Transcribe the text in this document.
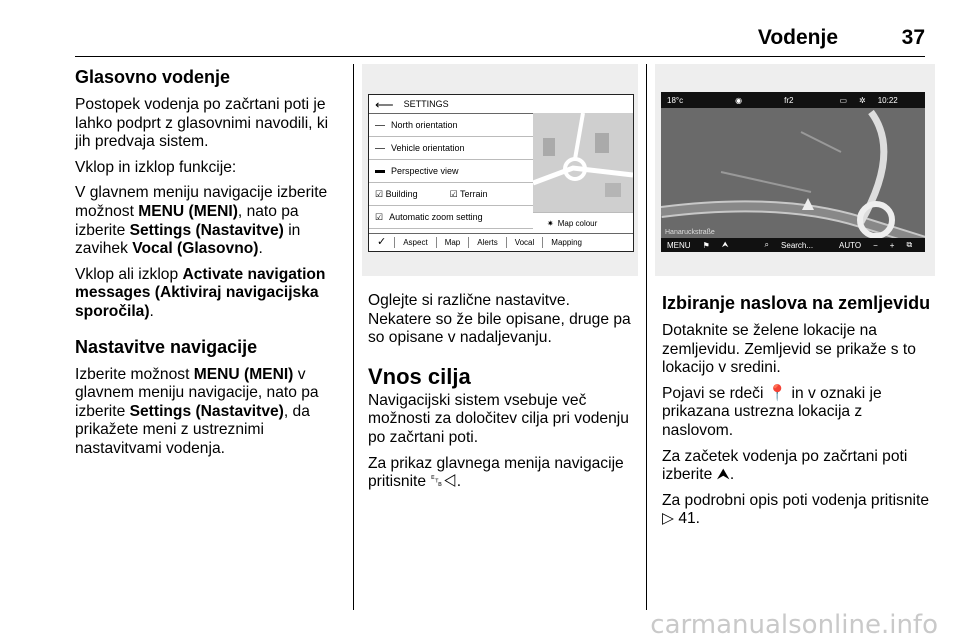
Vodenje	37
Glasovno vodenje

Postopek vodenja po začrtani poti je lahko podprt z glasovnimi navodili, ki jih predvaja sistem.

Vklop in izklop funkcije:

V glavnem meniju navigacije izberite možnost MENU (MENI), nato pa izberite Settings (Nastavitve) in zavihek Vocal (Glasovno).

Vklop ali izklop Activate navigation messages (Aktiviraj navigacijska sporočila).

Nastavitve navigacije

Izberite možnost MENU (MENI) v glavnem meniju navigacije, nato pa izberite Settings (Nastavitve), da prikažete meni z ustreznimi nastavitvami vodenja.

⟵ SETTINGS
North orientation
Vehicle orientation
Perspective view
☑ Building	☑ Terrain
☑ Automatic zoom setting
✷ Map colour
✓	Aspect	Map	Alerts	Vocal	Mapping

Oglejte si različne nastavitve. Nekatere so že bile opisane, druge pa so opisane v nadaljevanju.

Vnos cilja

Navigacijski sistem vsebuje več možnosti za določitev cilja pri vodenju po začrtani poti.

Za prikaz glavnega menija navigacije pritisnite ␗◁.

18°c	◉	fr2	▭	✲	10:22
Hanaruckstraße
MENU	⚑	⮝	⌕	Search...	AUTO	−	+	⧉
Izbiranje naslova na zemljevidu

Dotaknite se želene lokacije na zemljevidu. Zemljevid se prikaže s to lokacijo v sredini.

Pojavi se rdeči 📍 in v oznaki je prikazana ustrezna lokacija z naslovom.

Za začetek vodenja po začrtani poti izberite ⮝.

Za podrobni opis poti vodenja pritisnite ▷ 41.

carmanualsonline.info
